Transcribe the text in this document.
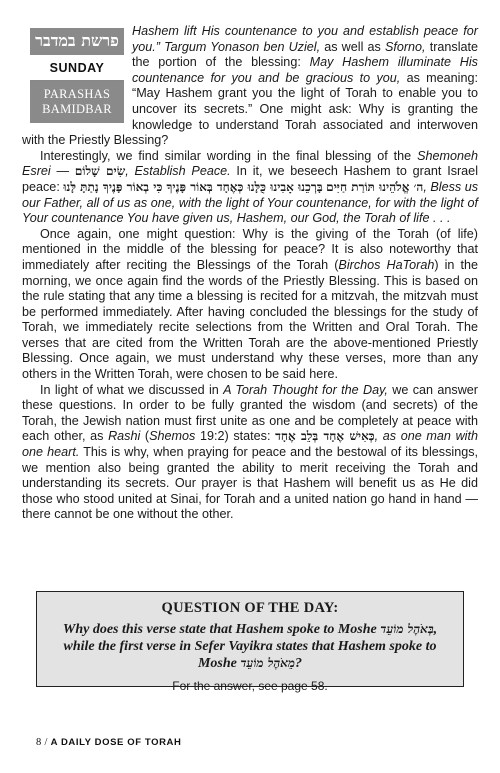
פרשת במדבר
SUNDAY
PARASHAS
BAMIDBAR

Hashem lift His countenance to you and establish peace for you.” Targum Yonason ben Uziel, as well as Sforno, translate the portion of the blessing: May Hashem illuminate His countenance for you and be gracious to you, as meaning: “May Hashem grant you the light of Torah to enable you to uncover its secrets.” One might ask: Why is granting the knowledge to understand Torah associated and interwoven with the Priestly Blessing?

Interestingly, we find similar wording in the final blessing of the Shemoneh Esrei — שִׂים שָׁלוֹם, Establish Peace. In it, we beseech Hashem to grant Israel peace: בָּרְכֵנוּ אָבִינוּ כֻּלָּנוּ כְּאֶחָד בְּאוֹר פָּנֶיךָ כִּי בְאוֹר פָּנֶיךָ נָתַתָּ לָּנוּ ה׳ אֱלֹהֵינוּ תּוֹרַת חַיִּים, Bless us our Father, all of us as one, with the light of Your countenance, for with the light of Your countenance You have given us, Hashem, our God, the Torah of life . . .

Once again, one might question: Why is the giving of the Torah (of life) mentioned in the middle of the blessing for peace? It is also noteworthy that immediately after reciting the Blessings of the Torah (Birchos HaTorah) in the morning, we once again find the words of the Priestly Blessing. This is based on the rule stating that any time a blessing is recited for a mitzvah, the mitzvah must be performed immediately. After having concluded the blessings for the study of Torah, we immediately recite selections from the Written and Oral Torah. The verses that are cited from the Written Torah are the above-mentioned Priestly Blessing. Once again, we must understand why these verses, more than any others in the Written Torah, were chosen to be said here.

In light of what we discussed in A Torah Thought for the Day, we can answer these questions. In order to be fully granted the wisdom (and secrets) of the Torah, the Jewish nation must first unite as one and be completely at peace with each other, as Rashi (Shemos 19:2) states: כְּאִישׁ אֶחָד בְּלֵב אֶחָד, as one man with one heart. This is why, when praying for peace and the bestowal of its blessings, we mention also being granted the ability to merit receiving the Torah and understanding its secrets. Our prayer is that Hashem will benefit us as He did those who stood united at Sinai, for Torah and a united nation go hand in hand — there cannot be one without the other.

QUESTION OF THE DAY:
Why does this verse state that Hashem spoke to Moshe בְּאֹהֶל מוֹעֵד, while the first verse in Sefer Vayikra states that Hashem spoke to Moshe מֵאֹהֶל מוֹעֵד?
For the answer, see page 58.
8 / A DAILY DOSE OF TORAH
